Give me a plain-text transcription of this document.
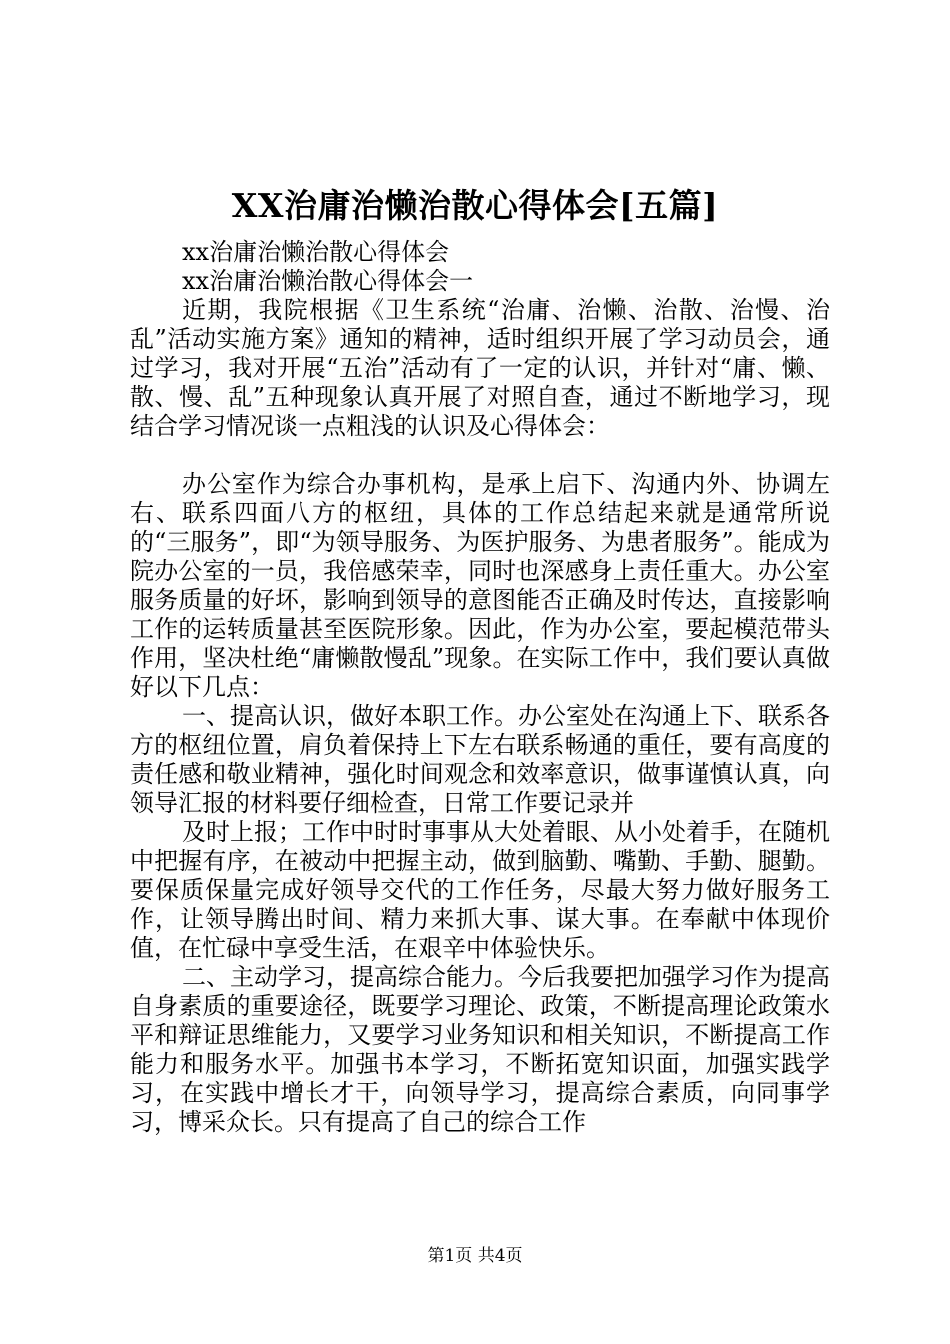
XX治庸治懒治散心得体会[五篇]

xx治庸治懒治散心得体会

xx治庸治懒治散心得体会一

近期，我院根据《卫生系统“治庸、治懒、治散、治慢、治乱”活动实施方案》通知的精神，适时组织开展了学习动员会，通过学习，我对开展“五治”活动有了一定的认识，并针对“庸、懒、散、慢、乱”五种现象认真开展了对照自查，通过不断地学习，现结合学习情况谈一点粗浅的认识及心得体会：

办公室作为综合办事机构，是承上启下、沟通内外、协调左右、联系四面八方的枢纽，具体的工作总结起来就是通常所说的“三服务”，即“为领导服务、为医护服务、为患者服务”。能成为院办公室的一员，我倍感荣幸，同时也深感身上责任重大。办公室服务质量的好坏，影响到领导的意图能否正确及时传达，直接影响工作的运转质量甚至医院形象。因此，作为办公室，要起模范带头作用，坚决杜绝“庸懒散慢乱”现象。在实际工作中，我们要认真做好以下几点：

一、提高认识，做好本职工作。办公室处在沟通上下、联系各方的枢纽位置，肩负着保持上下左右联系畅通的重任，要有高度的责任感和敬业精神，强化时间观念和效率意识，做事谨慎认真，向领导汇报的材料要仔细检查，日常工作要记录并

及时上报；工作中时时事事从大处着眼、从小处着手，在随机中把握有序，在被动中把握主动，做到脑勤、嘴勤、手勤、腿勤。要保质保量完成好领导交代的工作任务，尽最大努力做好服务工作，让领导腾出时间、精力来抓大事、谋大事。在奉献中体现价值，在忙碌中享受生活，在艰辛中体验快乐。

二、主动学习，提高综合能力。今后我要把加强学习作为提高自身素质的重要途径，既要学习理论、政策，不断提高理论政策水平和辩证思维能力，又要学习业务知识和相关知识，不断提高工作能力和服务水平。加强书本学习，不断拓宽知识面，加强实践学习，在实践中增长才干，向领导学习，提高综合素质，向同事学习，博采众长。只有提高了自己的综合工作

第1页 共4页
